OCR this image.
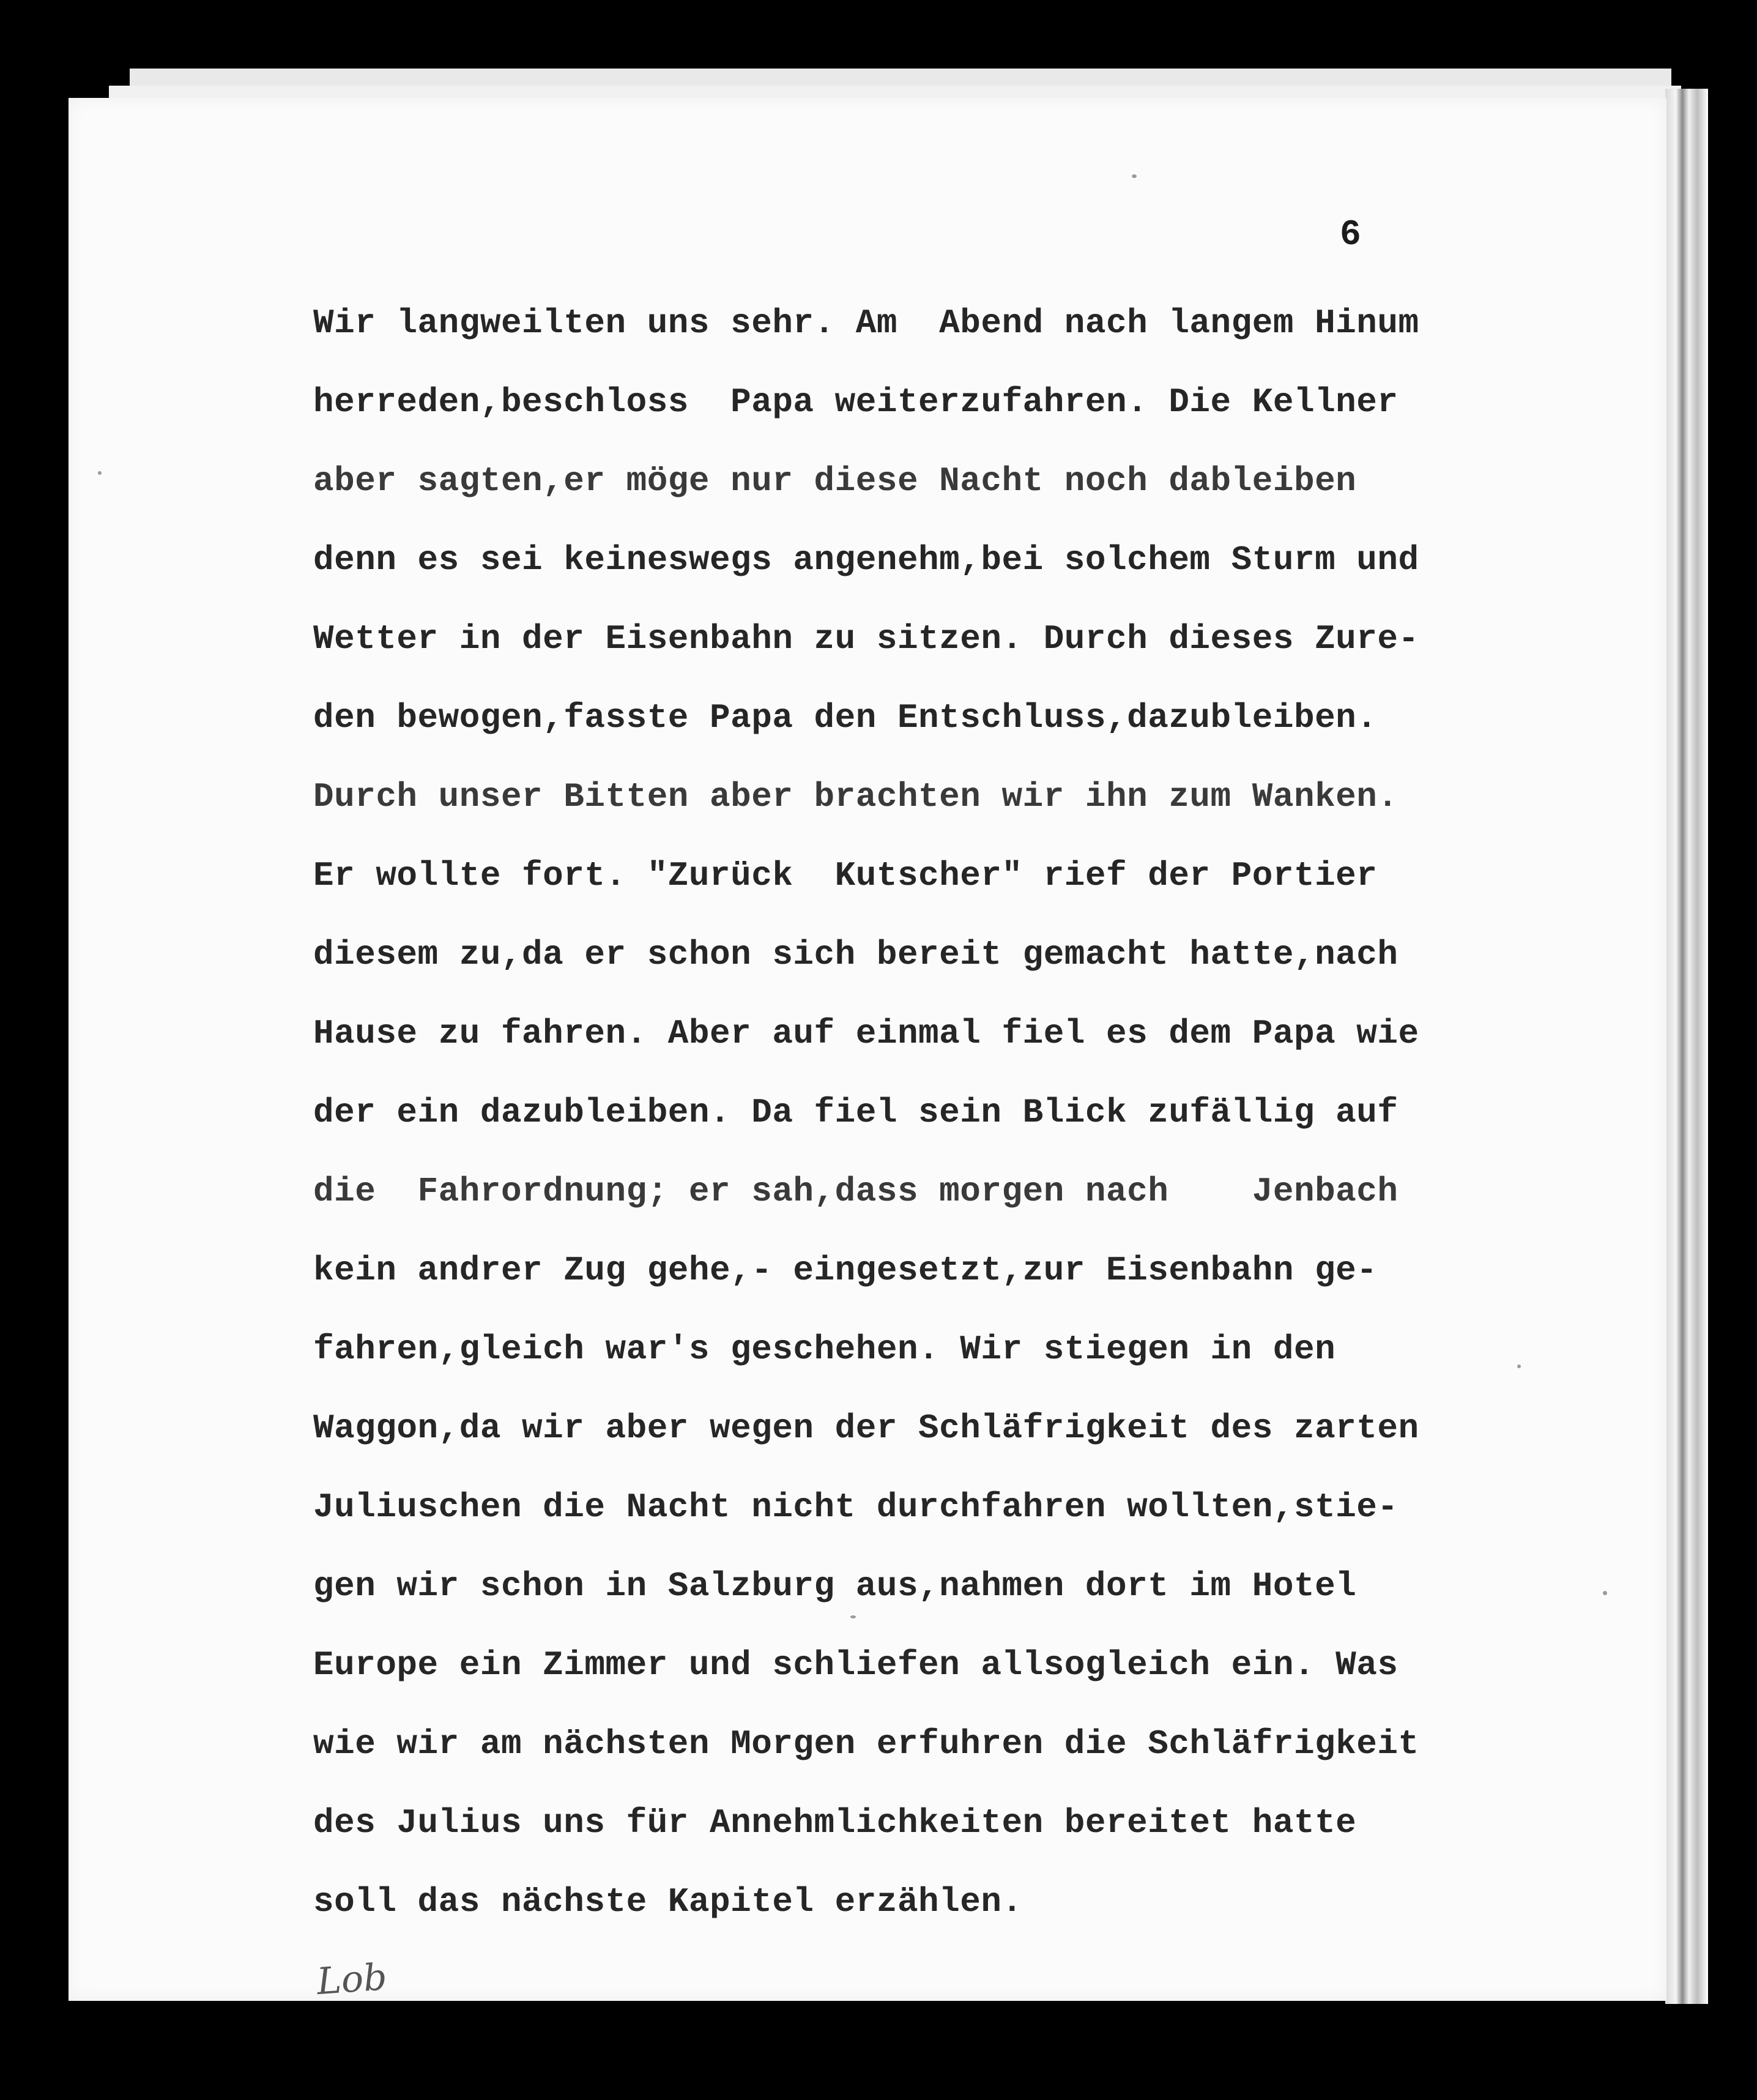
6

Wir langweilten uns sehr. Am  Abend nach langem Hinum
herreden,beschloss  Papa weiterzufahren. Die Kellner
aber sagten,er möge nur diese Nacht noch dableiben
denn es sei keineswegs angenehm,bei solchem Sturm und
Wetter in der Eisenbahn zu sitzen. Durch dieses Zure-
den bewogen,fasste Papa den Entschluss,dazubleiben.
Durch unser Bitten aber brachten wir ihn zum Wanken.
Er wollte fort. "Zurück  Kutscher" rief der Portier
diesem zu,da er schon sich bereit gemacht hatte,nach
Hause zu fahren. Aber auf einmal fiel es dem Papa wie
der ein dazubleiben. Da fiel sein Blick zufällig auf
die  Fahrordnung; er sah,dass morgen nach    Jenbach
kein andrer Zug gehe,- eingesetzt,zur Eisenbahn ge-
fahren,gleich war's geschehen. Wir stiegen in den
Waggon,da wir aber wegen der Schläfrigkeit des zarten
Juliuschen die Nacht nicht durchfahren wollten,stie-
gen wir schon in Salzburg aus,nahmen dort im Hotel
Europe ein Zimmer und schliefen allsogleich ein. Was
wie wir am nächsten Morgen erfuhren die Schläfrigkeit
des Julius uns für Annehmlichkeiten bereitet hatte
soll das nächste Kapitel erzählen.

Lob
